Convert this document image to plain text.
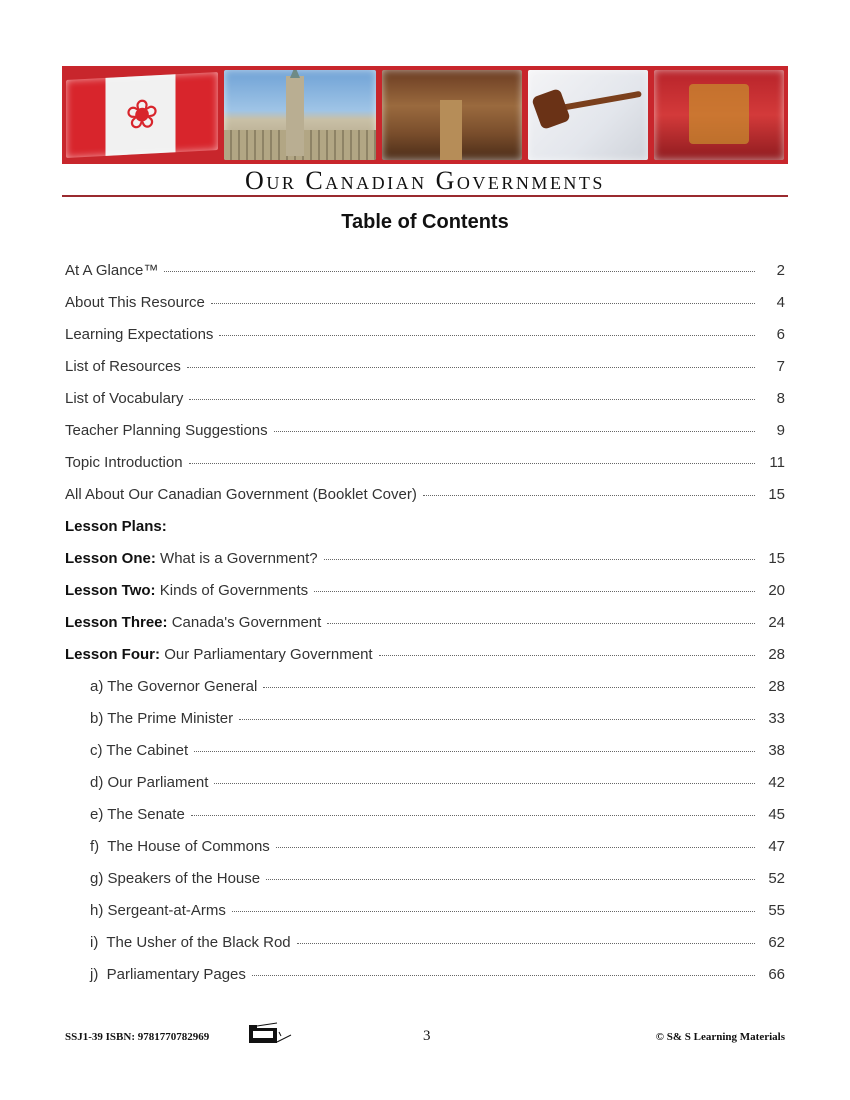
❀
Our Canadian Governments
Table of Contents
At A Glance™	2
About This Resource	4
Learning Expectations	6
List of Resources	7
List of Vocabulary	8
Teacher Planning Suggestions	9
Topic Introduction	11
All About Our Canadian Government (Booklet Cover)	15
Lesson Plans:
Lesson One: What is a Government?	15
Lesson Two: Kinds of Governments	20
Lesson Three: Canada's Government	24
Lesson Four: Our Parliamentary Government	28
a) The Governor General	28
b) The Prime Minister	33
c) The Cabinet	38
d) Our Parliament	42
e) The Senate	45
f)  The House of Commons	47
g) Speakers of the House	52
h) Sergeant-at-Arms	55
i)  The Usher of the Black Rod	62
j)  Parliamentary Pages	66
SSJ1-39 ISBN: 9781770782969	3	© S& S Learning Materials
